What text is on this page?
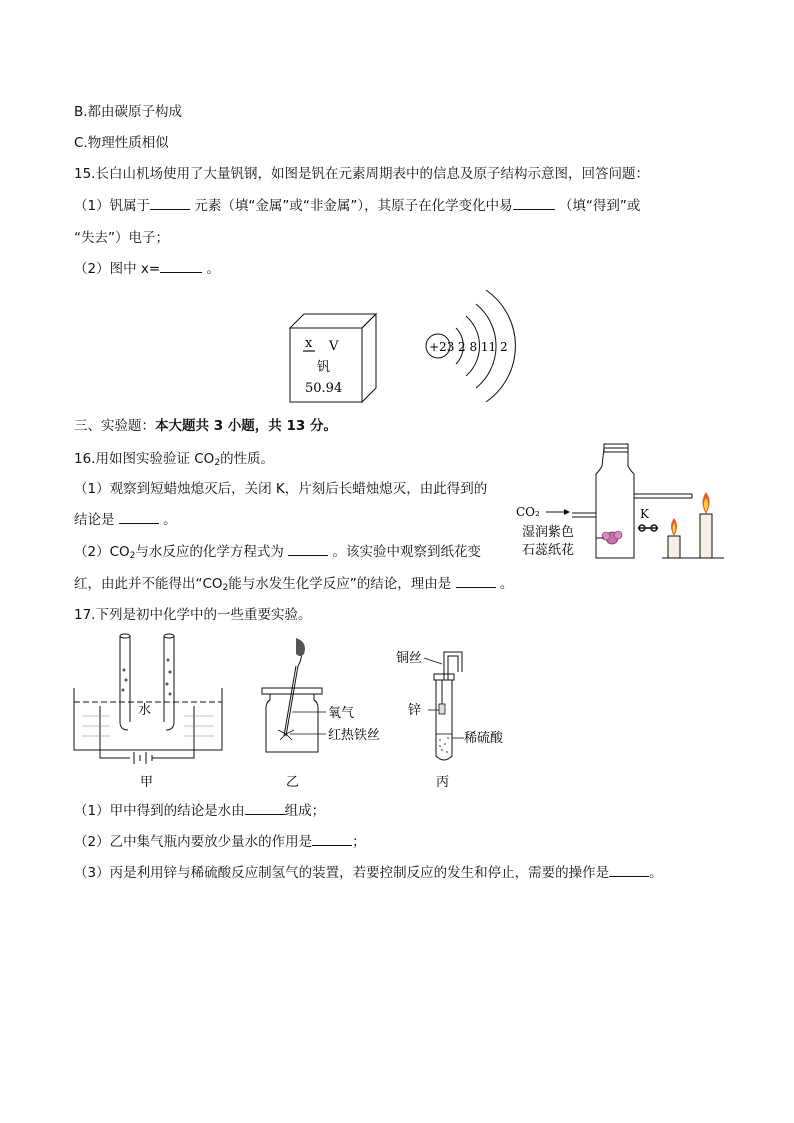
B.都由碳原子构成
C.物理性质相似
15.长白山机场使用了大量钒钢，如图是钒在元素周期表中的信息及原子结构示意图，回答问题：
（1）钒属于	元素（填“金属”或“非金属”），其原子在化学变化中易	（填“得到”或
“失去”）电子；
（2）图中 x=	。
x V
钒
50.94
+23 2 8 11 2
三、实验题：本大题共 3 小题，共 13 分。
16.用如图实验验证 $CO_2$的性质。
（1）观察到短蜡烛熄灭后，关闭 K，片刻后长蜡烛熄灭，由此得到的
结论是	。
$(2)CO_2$与水反应的化学方程式为	。该实验中观察到纸花变
红，由此并不能得出“$CO_2$能与水发生化学反应”的结论，理由是	。
CO₂	K
湿润紫色
石蕊纸花
17.下列是初中化学中的一些重要实验。
水
甲
氧气
红热铁丝
乙
铜丝
锌
稀硫酸
丙
（1）甲中得到的结论是水由	组成；
（2）乙中集气瓶内要放少量水的作用是	；
（3）丙是利用锌与稀硫酸反应制氢气的装置，若要控制反应的发生和停止，需要的操作是	。
